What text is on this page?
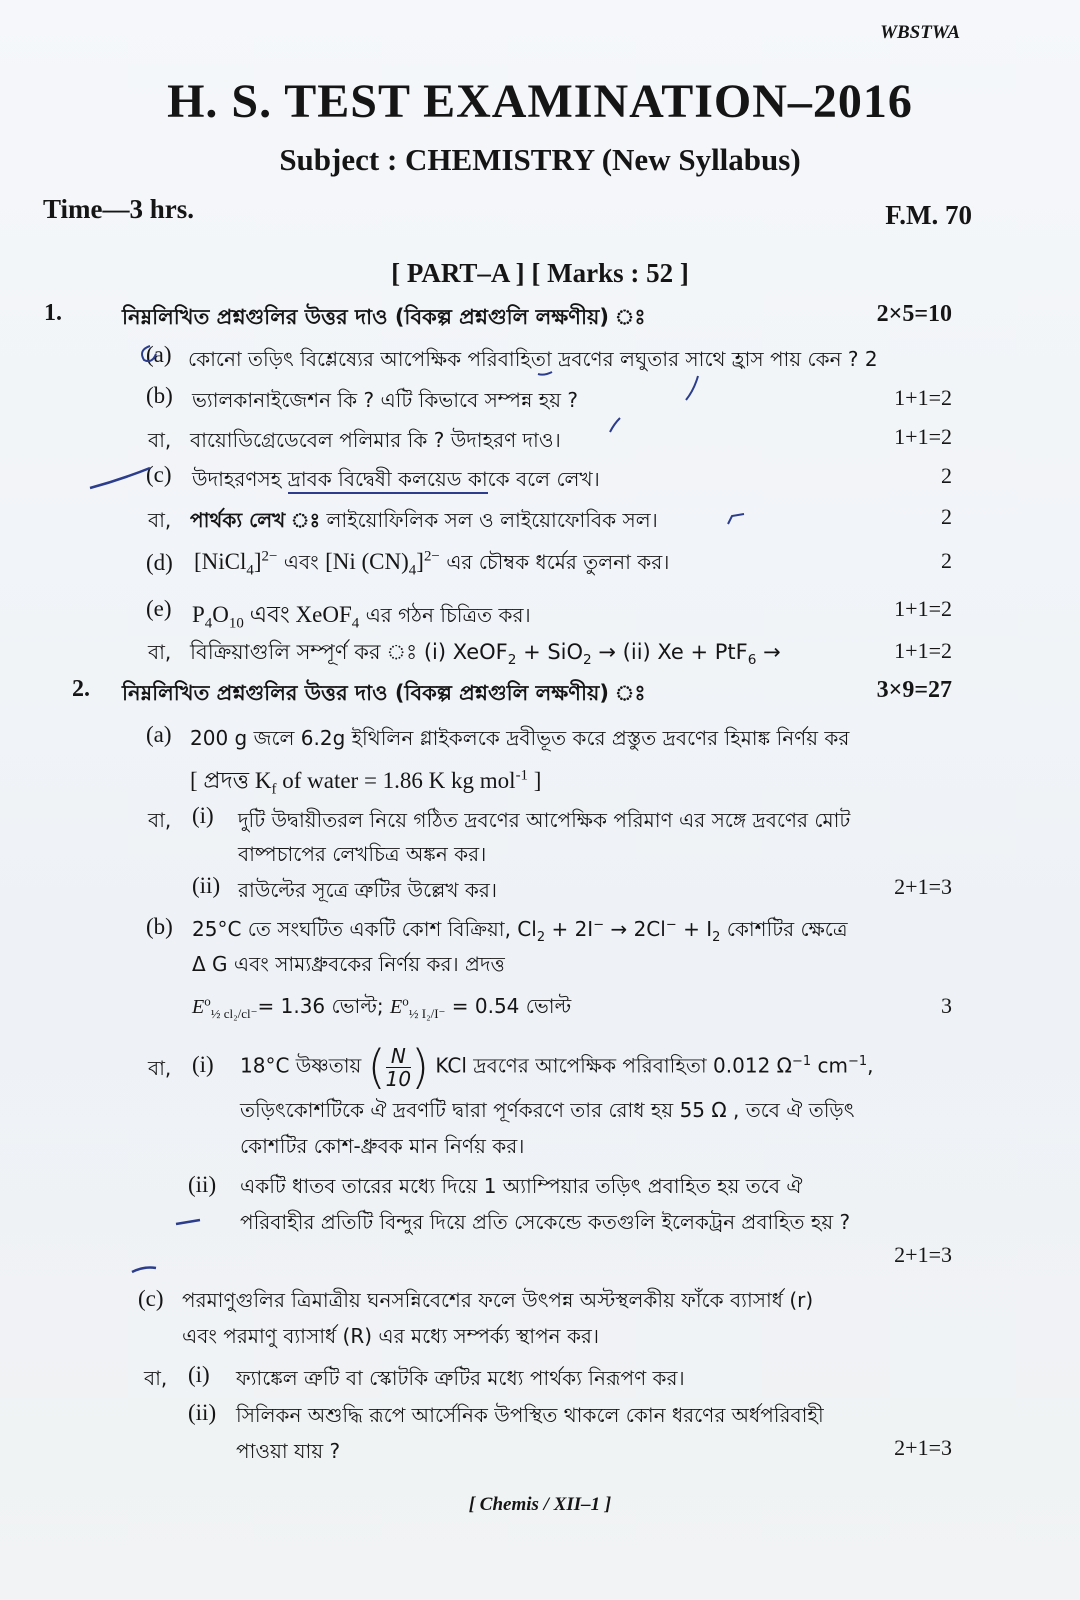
WBSTWA
H. S. TEST EXAMINATION–2016
Subject : CHEMISTRY (New Syllabus)
Time—3 hrs.	F.M. 70
[ PART–A ] [ Marks : 52 ]
1.	নিম্নলিখিত প্রশ্নগুলির উত্তর দাও (বিকল্প প্রশ্নগুলি লক্ষণীয়) ঃ	2×5=10
(a) কোনো তড়িৎ বিশ্লেষ্যের আপেক্ষিক পরিবাহিতা দ্রবণের লঘুতার সাথে হ্রাস পায় কেন ? 2
(b) ভ্যালকানাইজেশন কি ? এটি কিভাবে সম্পন্ন হয় ?	1+1=2
বা, বায়োডিগ্রেডেবেল পলিমার কি ? উদাহরণ দাও।	1+1=2
(c) উদাহরণসহ দ্রাবক বিদ্বেষী কলয়েড কাকে বলে লেখ।	2
বা, পার্থক্য লেখ ঃ লাইয়োফিলিক সল ও লাইয়োফোবিক সল।	2
(d) [NiCl$_4$]$^{2-}$ এবং [Ni $(CN)_4]^{2-}$ এর চৌম্বক ধর্মের তুলনা কর।	2
(e) $P_4O_{10}$ এবং XeOF$_4$ এর গঠন চিত্রিত কর।	1+1=2
বা, বিক্রিয়াগুলি সম্পূর্ণ কর ঃ (i) XeOF$_2$ + SiO$_2$ → (ii) Xe + PtF$_6$ →	1+1=2
2. নিম্নলিখিত প্রশ্নগুলির উত্তর দাও (বিকল্প প্রশ্নগুলি লক্ষণীয়) ঃ	3×9=27
(a) 200 g জলে 6.2g ইথিলিন গ্লাইকলকে দ্রবীভূত করে প্রস্তুত দ্রবণের হিমাঙ্ক নির্ণয় কর
[ প্রদত্ত $K_f$ of water = 1.86 K kg mol$^{-1}$ ]
বা, (i) দুটি উদ্বায়ীতরল নিয়ে গঠিত দ্রবণের আপেক্ষিক পরিমাণ এর সঙ্গে দ্রবণের মোট
বাষ্পচাপের লেখচিত্র অঙ্কন কর।
(ii) রাউল্টের সূত্রে ত্রুটির উল্লেখ কর।	2+1=3
(b) 25°C তে সংঘটিত একটি কোশ বিক্রিয়া, $Cl_2 + 2I^- \to 2Cl^- + I_2$ কোশটির ক্ষেত্রে
Δ G এবং সাম্যধ্রুবকের নির্ণয় কর। প্রদত্ত
$E^o_{\frac{1}{2} cl_2/cl^-}= 1.36$ ভোল্ট; $E^o_{\frac{1}{2} I_2/I^-} = 0.54$ ভোল্ট	3
বা, (i) 18°C উষ্ণতায় ( $\frac{N}{10}$) KCl দ্রবণের আপেক্ষিক পরিবাহিতা 0.012 $\Omega^{-1}$ $cm^{-1}$,
তড়িৎকোশটিকে ঐ দ্রবণটি দ্বারা পূর্ণকরণে তার রোধ হয় 55 Ω , তবে ঐ তড়িৎ
কোশটির কোশ-ধ্রুবক মান নির্ণয় কর।
(ii) একটি ধাতব তারের মধ্যে দিয়ে 1 অ্যাম্পিয়ার তড়িৎ প্রবাহিত হয় তবে ঐ
পরিবাহীর প্রতিটি বিন্দুর দিয়ে প্রতি সেকেন্ডে কতগুলি ইলেকট্রন প্রবাহিত হয় ?
2+1=3
(c) পরমাণুগুলির ত্রিমাত্রীয় ঘনসন্নিবেশের ফলে উৎপন্ন অস্টস্থলকীয় ফাঁকে ব্যাসার্ধ (r)
এবং পরমাণু ব্যাসার্ধ (R) এর মধ্যে সম্পর্ক্য স্থাপন কর।
বা, (i) ফ্যাঙ্কেল ত্রুটি বা স্কোটকি ত্রুটির মধ্যে পার্থক্য নিরূপণ কর।
(ii) সিলিকন অশুদ্ধি রূপে আর্সেনিক উপস্থিত থাকলে কোন ধরণের অর্ধপরিবাহী
পাওয়া যায় ?	2+1=3
[ Chemis / XII–1 ]
